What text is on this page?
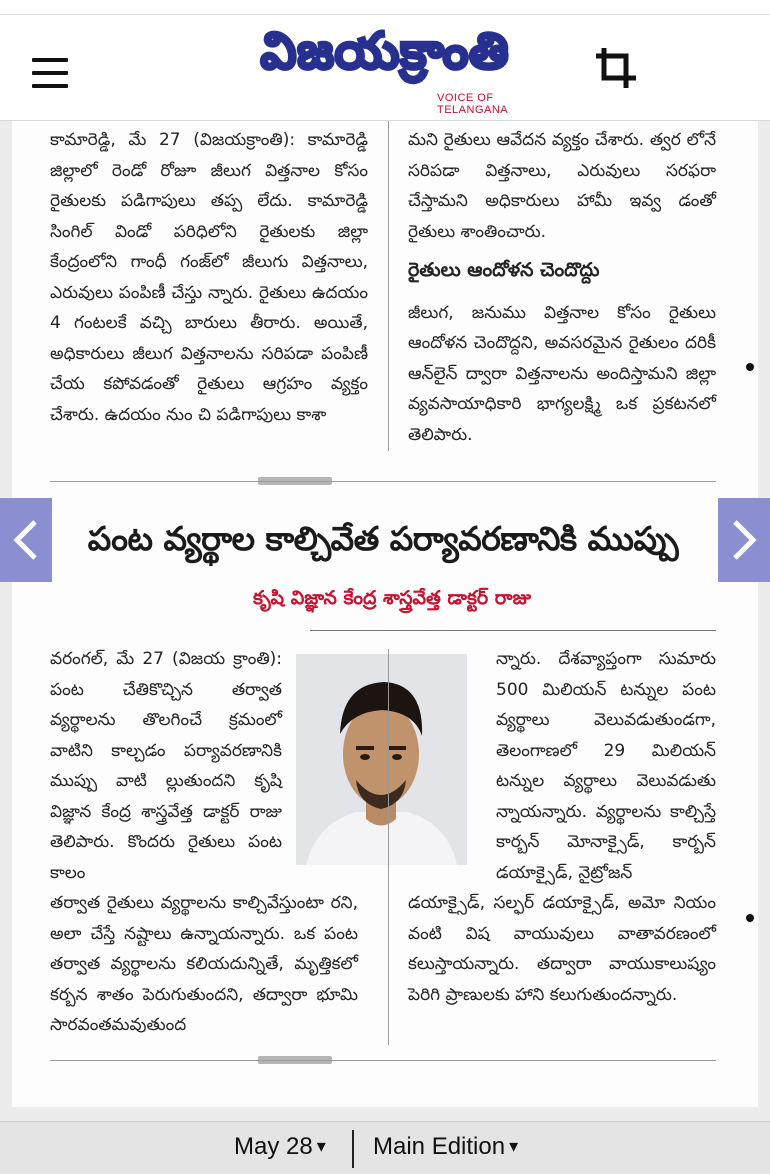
విజయక్రాంతి
VOICE OF TELANGANA

కామారెడ్డి, మే 27 (విజయక్రాంతి): కామారెడ్డి జిల్లాలో రెండో రోజూ జీలుగ విత్తనాల కోసం రైతులకు పడిగాపులు తప్ప లేదు. కామారెడ్డి సింగిల్ విండో పరిధిలోని రైతులకు జిల్లా కేంద్రంలోని గాంధీ గంజ్‌లో జీలుగు విత్తనాలు, ఎరువులు పంపిణీ చేస్తు న్నారు. రైతులు ఉదయం 4 గంటలకే వచ్చి బారులు తీరారు. అయితే, అధికారులు జీలుగ విత్తనాలను సరిపడా పంపిణీ చేయ కపోవడంతో రైతులు ఆగ్రహం వ్యక్తం చేశారు. ఉదయం నుం చి పడిగాపులు కాశా

మని రైతులు ఆవేదన వ్యక్తం చేశారు. త్వర లోనే సరిపడా విత్తనాలు, ఎరువులు సరఫరా చేస్తామని అధికారులు హామీ ఇవ్వ డంతో రైతులు శాంతించారు.

రైతులు ఆందోళన చెందొద్దు

జీలుగ, జనుము విత్తనాల కోసం రైతులు ఆందోళన చెందొద్దని, అవసరమైన రైతులం దరికీ ఆన్‌లైన్ ద్వారా విత్తనాలను అందిస్తామని జిల్లా వ్యవసాయాధికారి భాగ్యలక్ష్మి ఒక ప్రకటనలో తెలిపారు.

పంట వ్యర్థాల కాల్చివేత పర్యావరణానికి ముప్పు
కృషి విజ్ఞాన కేంద్ర శాస్త్రవేత్త డాక్టర్ రాజు

వరంగల్, మే 27 (విజయ క్రాంతి): పంట చేతికొచ్చిన తర్వాత వ్యర్థాలను తొలగించే క్రమంలో వాటిని కాల్చడం పర్యావరణానికి ముప్పు వాటి ల్లుతుందని కృషి విజ్ఞాన కేంద్ర శాస్త్రవేత్త డాక్టర్ రాజు తెలిపారు. కొందరు రైతులు పంట కాలం

న్నారు. దేశవ్యాప్తంగా సుమారు 500 మిలియన్ టన్నుల పంట వ్యర్థాలు వెలువడుతుండగా, తెలంగాణలో 29 మిలియన్ టన్నుల వ్యర్థాలు వెలువడుతు న్నాయన్నారు. వ్యర్థాలను కాల్చిస్తే కార్బన్ మోనాక్సైడ్, కార్బన్ డయాక్సైడ్, నైట్రోజన్

తర్వాత రైతులు వ్యర్థాలను కాల్చివేస్తుంటా రని, అలా చేస్తే నష్టాలు ఉన్నాయన్నారు. ఒక పంట తర్వాత వ్యర్థాలను కలియదున్నితే, మృత్తికలో కర్బన శాతం పెరుగుతుందని, తద్వారా భూమి సారవంతమవుతుంద

డయాక్సైడ్, సల్ఫర్ డయాక్సైడ్, అమో నియం వంటి విష వాయువులు వాతావరణంలో కలుస్తాయన్నారు. తద్వారా వాయుకాలుష్యం పెరిగి ప్రాణులకు హాని కలుగుతుందన్నారు.

May 28 ▾ Main Edition ▾
